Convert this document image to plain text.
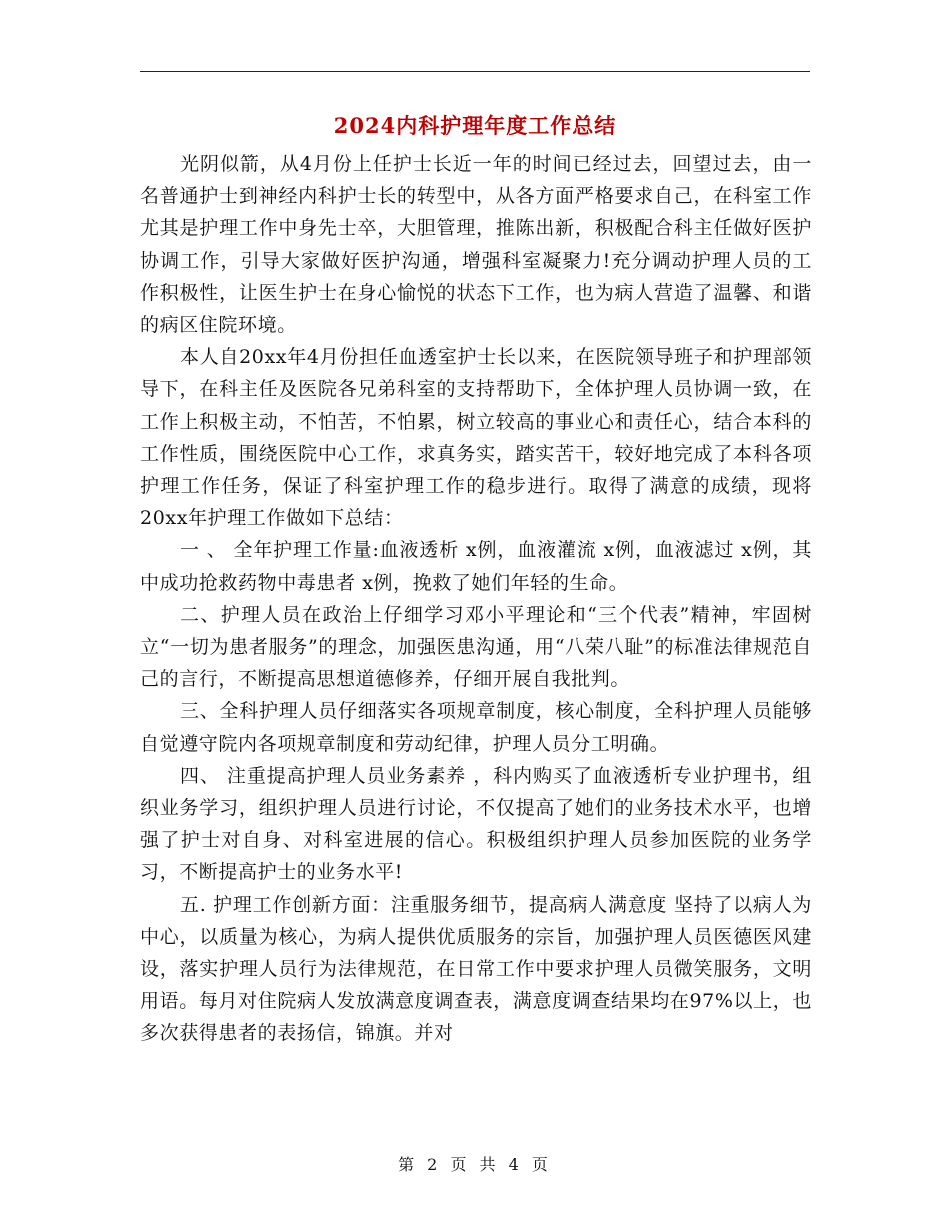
2024内科护理年度工作总结

光阴似箭，从4月份上任护士长近一年的时间已经过去，回望过去，由一名普通护士到神经内科护士长的转型中，从各方面严格要求自己，在科室工作尤其是护理工作中身先士卒，大胆管理，推陈出新，积极配合科主任做好医护协调工作，引导大家做好医护沟通，增强科室凝聚力!充分调动护理人员的工作积极性，让医生护士在身心愉悦的状态下工作，也为病人营造了温馨、和谐的病区住院环境。

本人自20xx年4月份担任血透室护士长以来，在医院领导班子和护理部领导下，在科主任及医院各兄弟科室的支持帮助下，全体护理人员协调一致，在工作上积极主动，不怕苦，不怕累，树立较高的事业心和责任心，结合本科的工作性质，围绕医院中心工作，求真务实，踏实苦干，较好地完成了本科各项护理工作任务，保证了科室护理工作的稳步进行。取得了满意的成绩，现将20xx年护理工作做如下总结：

一 、 全年护理工作量:血液透析 x例，血液灌流 x例，血液滤过 x例，其中成功抢救药物中毒患者 x例，挽救了她们年轻的生命。

二、护理人员在政治上仔细学习邓小平理论和“三个代表”精神，牢固树立“一切为患者服务”的理念，加强医患沟通，用“八荣八耻”的标准法律规范自己的言行，不断提高思想道德修养，仔细开展自我批判。

三、全科护理人员仔细落实各项规章制度，核心制度，全科护理人员能够自觉遵守院内各项规章制度和劳动纪律，护理人员分工明确。

四、 注重提高护理人员业务素养 ，科内购买了血液透析专业护理书，组织业务学习，组织护理人员进行讨论，不仅提高了她们的业务技术水平，也增强了护士对自身、对科室进展的信心。积极组织护理人员参加医院的业务学习，不断提高护士的业务水平!

五. 护理工作创新方面：注重服务细节，提高病人满意度 坚持了以病人为中心，以质量为核心，为病人提供优质服务的宗旨，加强护理人员医德医风建设，落实护理人员行为法律规范，在日常工作中要求护理人员微笑服务，文明用语。每月对住院病人发放满意度调查表，满意度调查结果均在97%以上，也多次获得患者的表扬信，锦旗。并对

第 2 页 共 4 页
